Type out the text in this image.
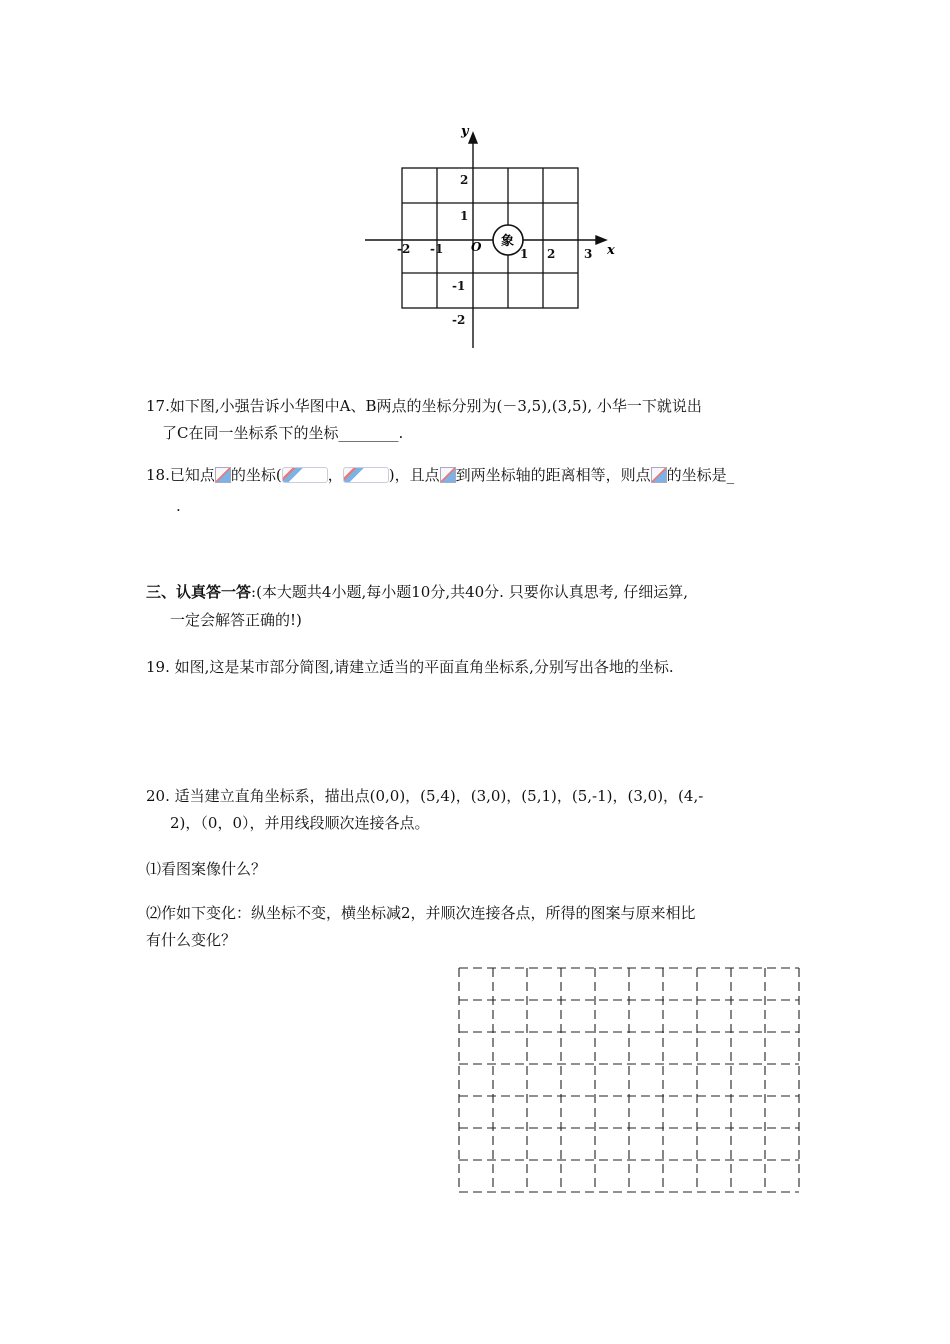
y
x
O
-2 -1	1 2 3
2
1
-1
-2
象
17.如下图,小强告诉小华图中A、B两点的坐标分别为(－3,5),(3,5), 小华一下就说出
了C在同一坐标系下的坐标________.
18.已知点 的坐标(	，	)，且点 到两坐标轴的距离相等，则点 的坐标是_
.
三、认真答一答:(本大题共4小题,每小题10分,共40分. 只要你认真思考, 仔细运算,
一定会解答正确的!)
19. 如图,这是某市部分简图,请建立适当的平面直角坐标系,分别写出各地的坐标.
20. 适当建立直角坐标系，描出点(0,0)，(5,4)，(3,0)，(5,1)，(5,-1)，(3,0)，(4,-
2)，（0，0），并用线段顺次连接各点。
⑴看图案像什么？
⑵作如下变化：纵坐标不变，横坐标减2，并顺次连接各点，所得的图案与原来相比
有什么变化？
